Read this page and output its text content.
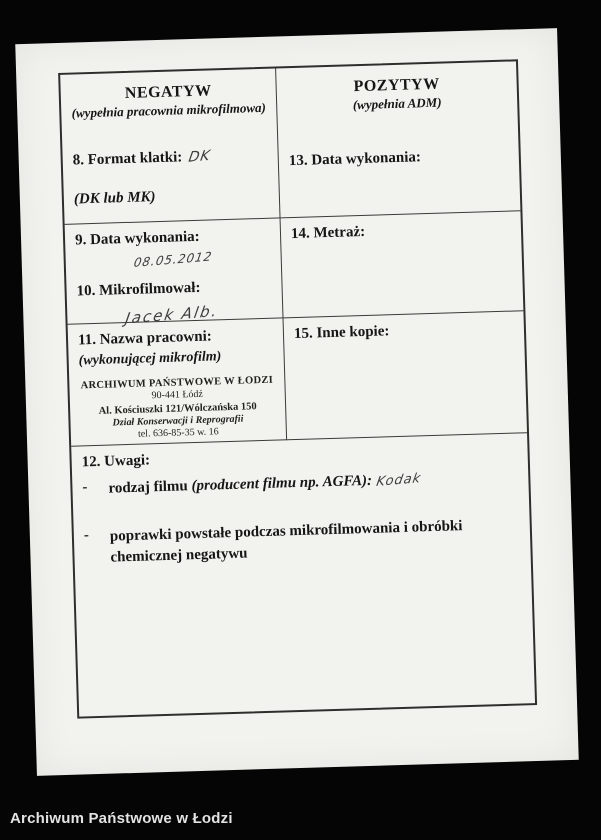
NEGATYW
(wypełnia pracownia mikrofilmowa)
8. Format klatki: DK
(DK lub MK)
POZYTYW
(wypełnia ADM)
13. Data wykonania:
9. Data wykonania:
08.05.2012
10. Mikrofilmował:
Jacek Alb.
14. Metraż:
11. Nazwa pracowni:
(wykonującej mikrofilm)
ARCHIWUM PAŃSTWOWE W ŁODZI
90-441 Łódź
Al. Kościuszki 121/Wólczańska 150
Dział Konserwacji i Reprografii
tel. 636-85-35 w. 16
15. Inne kopie:
12. Uwagi:
-	rodzaj filmu (producent filmu np. AGFA): Kodak
-	poprawki powstałe podczas mikrofilmowania i obróbki chemicznej negatywu
Archiwum Państwowe w Łodzi
